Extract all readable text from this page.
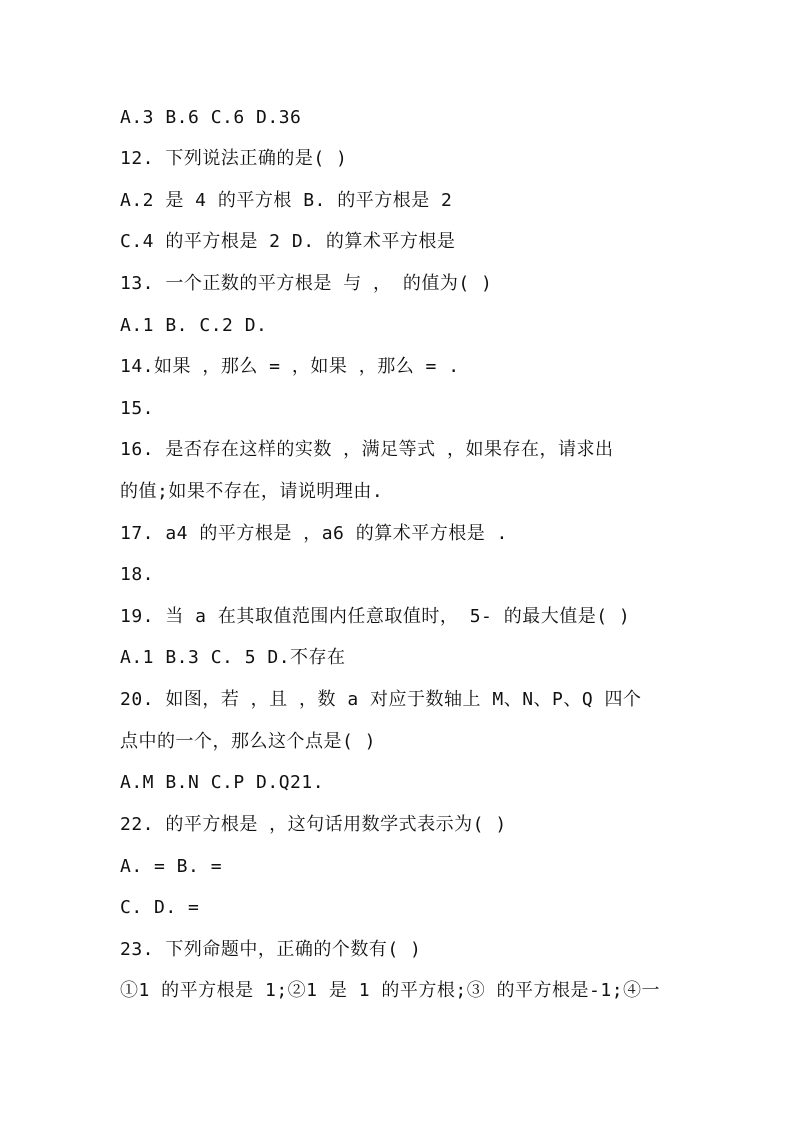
A.3 B.6 C.6 D.36
12. 下列说法正确的是( )
A.2 是 4 的平方根 B. 的平方根是 2
C.4 的平方根是 2 D. 的算术平方根是
13. 一个正数的平方根是 与 ， 的值为( )
A.1 B. C.2 D.
14.如果 ，那么 = ，如果 ，那么 = .
15.
16. 是否存在这样的实数 ，满足等式 ，如果存在，请求出
的值;如果不存在，请说明理由.
17. a4 的平方根是 ，a6 的算术平方根是 .
18.
19. 当 a 在其取值范围内任意取值时， 5- 的最大值是( )
A.1 B.3 C. 5 D.不存在
20. 如图，若 ，且 ，数 a 对应于数轴上 M、N、P、Q 四个
点中的一个，那么这个点是( )
A.M B.N C.P D.Q21.
22. 的平方根是 ，这句话用数学式表示为( )
A. = B. =
C. D. =
23. 下列命题中，正确的个数有( )
①1 的平方根是 1;②1 是 1 的平方根;③ 的平方根是-1;④一
